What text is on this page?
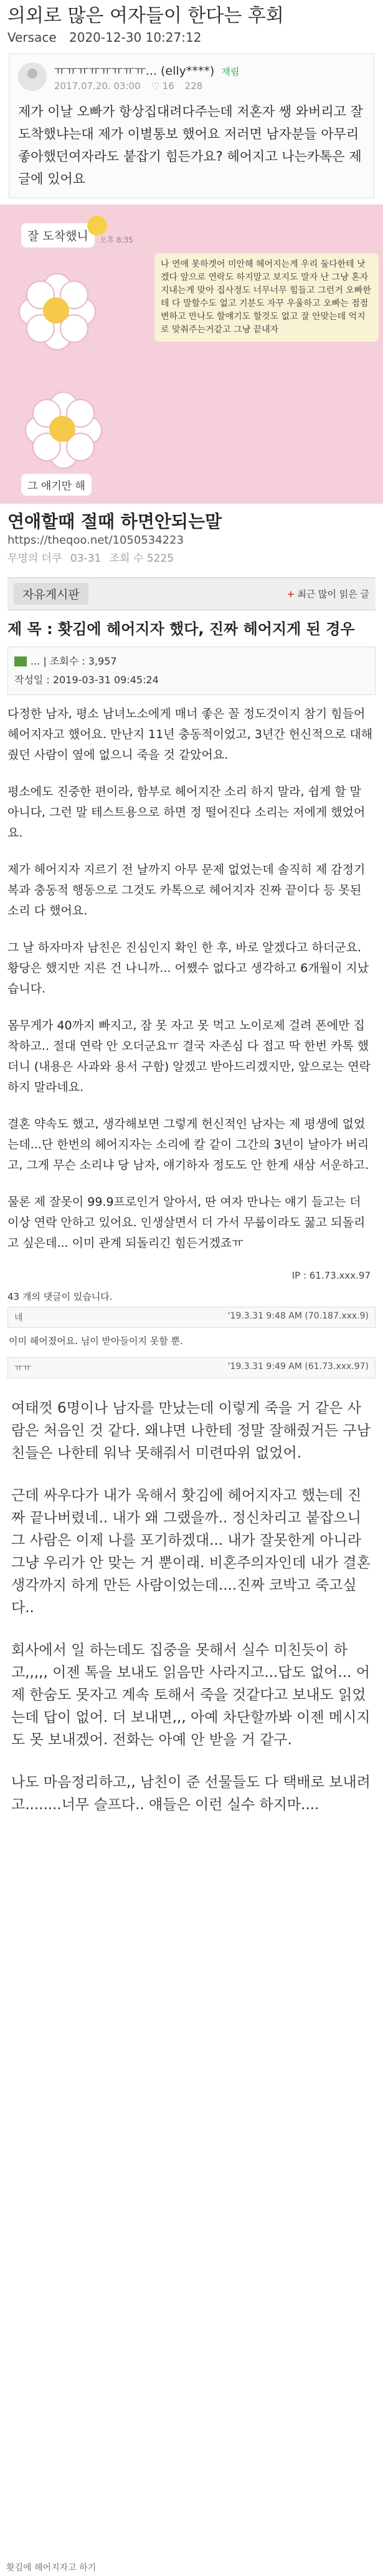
의외로 많은 여자들이 한다는 후회
Versace 2020-12-30 10:27:12
ㅠㅠㅠㅠㅠㅠㅠㅠ... (elly****) 재림
2017.07.20. 03:00 ♡ 16 228
제가 이날 오빠가 항상집대려다주는데 저혼자 쌩 와버리고 잘도착했냐는대 제가 이별통보 했어요 저러면 남자분들 아무리 좋아했던여자라도 붙잡기 힘든가요? 헤어지고 나는카톡은 제글에 있어요
잘 도착했니	오후 8:35
나 연애 못하겟어 미안해 헤어지는게 우리 둘다한테 낫겠다 앞으로 연락도 하지말고 보지도 말자 난 그냥 혼자 지내는게 맞아 집사정도 너무너무 힘들고 그런거 오빠한테 다 말할수도 없고 기분도 자꾸 우울하고 오빠는 점점 변하고 만나도 할얘기도 할것도 없고 잘 안맞는데 억지로 맞춰주는거같고 그냥 끝내자
그 얘기만 해
연애할때 절때 하면안되는말
https://theqoo.net/1050534223
무명의 더쿠 03-31 조회 수 5225
자유게시판	+ 최근 많이 읽은 글
제 목 : 홧김에 헤어지자 했다, 진짜 헤어지게 된 경우
... | 조회수 : 3,957
작성일 : 2019-03-31 09:45:24

다정한 남자, 평소 남녀노소에게 매너 좋은 꼴 정도것이지 참기 힘들어 헤어지자고 했어요. 만난지 11년 충동적이었고, 3년간 헌신적으로 대해줬던 사람이 옆에 없으니 죽을 것 같았어요.

평소에도 진중한 편이라, 함부로 헤어지잔 소리 하지 말라, 쉽게 할 말 아니다, 그런 말 테스트용으로 하면 정 떨어진다 소리는 저에게 했었어요.

제가 헤어지자 지르기 전 날까지 아무 문제 없었는데 솔직히 제 감정기복과 충동적 행동으로 그것도 카톡으로 헤어지자 진짜 끝이다 등 못된 소리 다 했어요.

그 날 하자마자 남친은 진심인지 확인 한 후, 바로 알겠다고 하더군요. 황당은 했지만 지른 건 나니까... 어쨌수 없다고 생각하고 6개월이 지났습니다.

몸무게가 40까지 빠지고, 잠 못 자고 못 먹고 노이로제 걸려 폰에만 집착하고.. 절대 연락 안 오더군요ㅠ 결국 자존심 다 접고 딱 한번 카톡 했더니 (내용은 사과와 용서 구함) 알겠고 받아드리겠지만, 앞으로는 연락하지 말라네요.

결혼 약속도 했고, 생각해보면 그렇게 헌신적인 남자는 제 평생에 없었는데...단 한번의 헤어지자는 소리에 칼 같이 그간의 3년이 날아가 버리고, 그게 무슨 소리냐 당 남자, 얘기하자 정도도 안 한게 새삼 서운하고.

물론 제 잘못이 99.9프로인거 알아서, 딴 여자 만나는 얘기 들고는 더 이상 연락 안하고 있어요. 인생살면서 더 가서 무룹이라도 꿇고 되돌리고 싶은데... 이미 관계 되돌리긴 힘든거겠죠ㅠ

IP : 61.73.xxx.97
43 개의 댓글이 있습니다.
네	'19.3.31 9:48 AM (70.187.xxx.9)
이미 헤어졌어요. 님이 받아들이지 못할 뿐.
ㅠㅠ	'19.3.31 9:49 AM (61.73.xxx.97)

여태껏 6명이나 남자를 만났는데 이렇게 죽을 거 같은 사람은 처음인 것 같다. 왜냐면 나한테 정말 잘해줬거든 구남친들은 나한테 워낙 못해줘서 미련따위 없었어.

근데 싸우다가 내가 욱해서 홧김에 헤어지자고 했는데 진짜 끝나버렸네.. 내가 왜 그랬을까.. 정신차리고 붙잡으니 그 사람은 이제 나를 포기하겠대... 내가 잘못한게 아니라 그냥 우리가 안 맞는 거 뿐이래. 비혼주의자인데 내가 결혼생각까지 하게 만든 사람이었는데....진짜 코박고 죽고싶다..

회사에서 일 하는데도 집중을 못해서 실수 미친듯이 하고,,,,, 이젠 톡을 보내도 읽음만 사라지고...답도 없어... 어제 한숨도 못자고 계속 토해서 죽을 것같다고 보내도 읽었는데 답이 없어. 더 보내면,,, 아예 차단할까봐 이젠 메시지도 못 보내겠어. 전화는 아예 안 받을 거 같구.

나도 마음정리하고,, 남친이 준 선물들도 다 택배로 보내려고........너무 슬프다.. 얘들은 이런 실수 하지마....

홧김에 헤어지자고 하기
